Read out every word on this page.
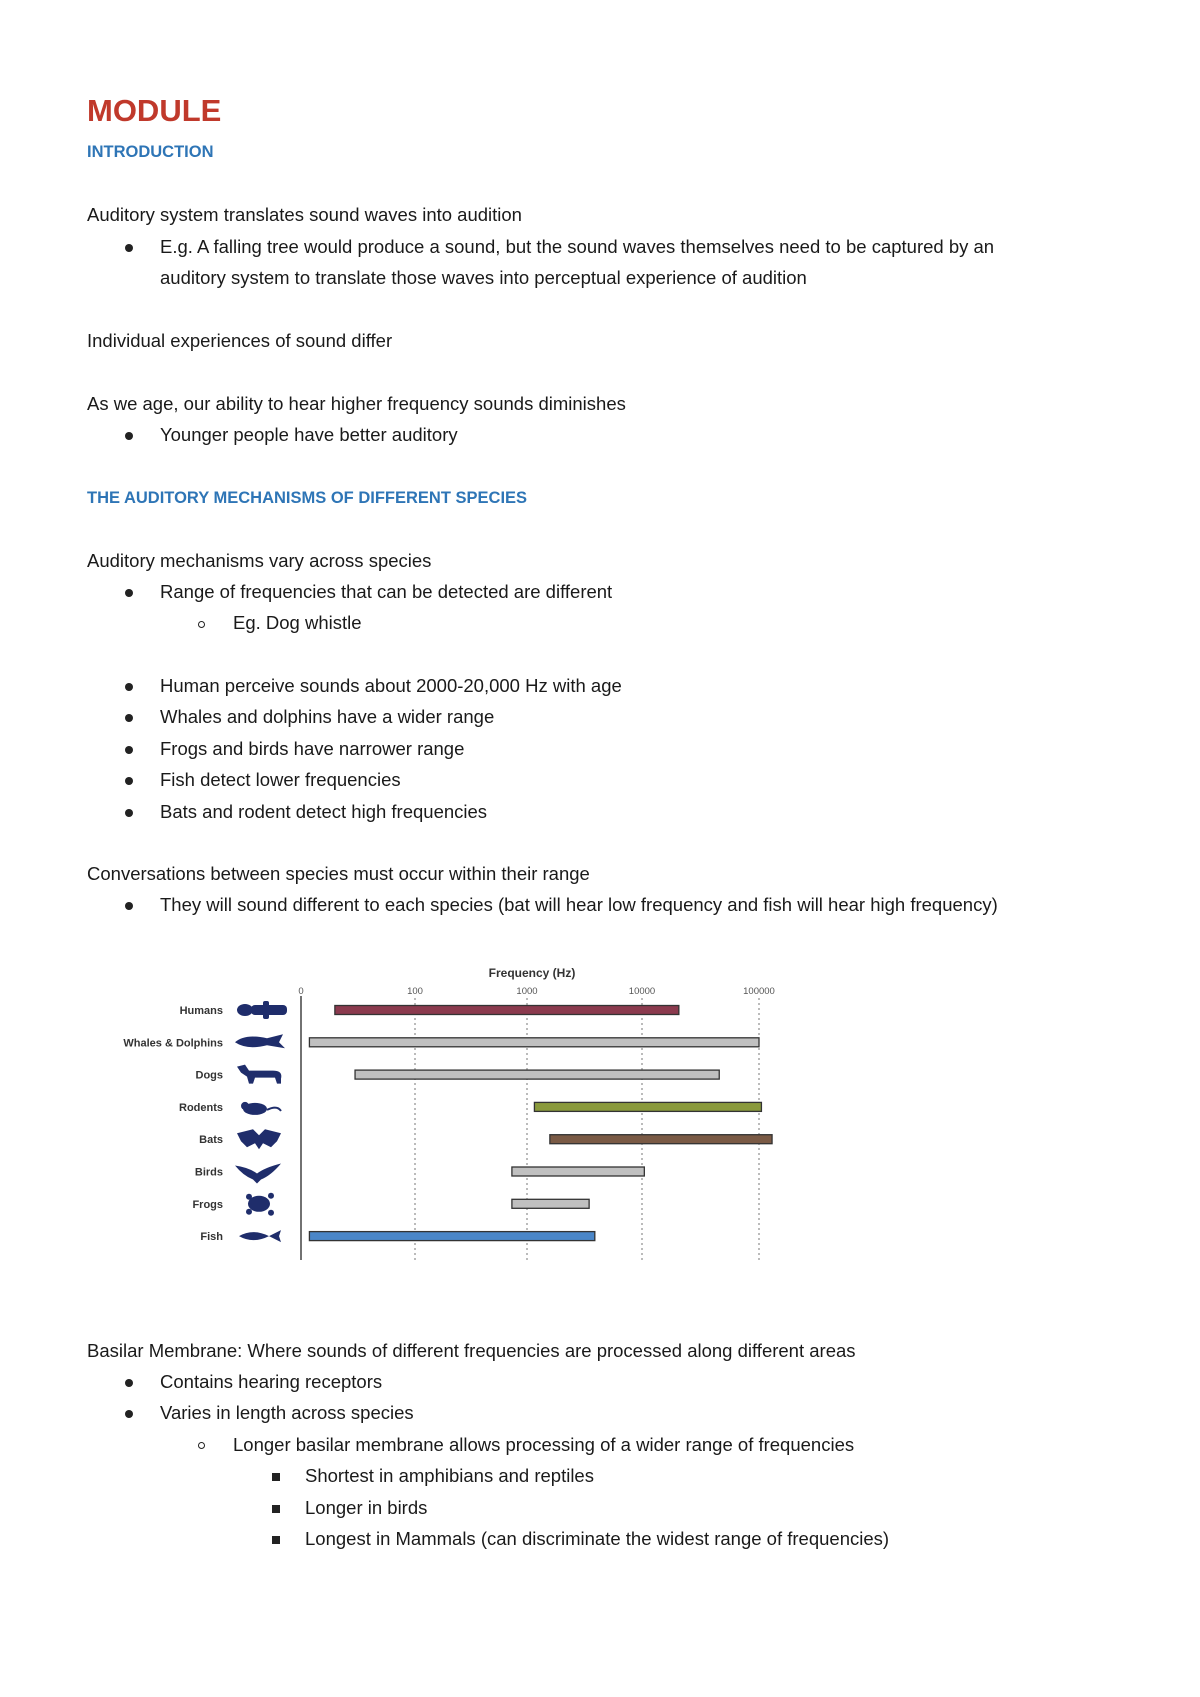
MODULE
INTRODUCTION
Auditory system translates sound waves into audition
E.g. A falling tree would produce a sound, but the sound waves themselves need to be captured by an
auditory system to translate those waves into perceptual experience of audition
Individual experiences of sound differ
As we age, our ability to hear higher frequency sounds diminishes
Younger people have better auditory
THE AUDITORY MECHANISMS OF DIFFERENT SPECIES
Auditory mechanisms vary across species
Range of frequencies that can be detected are different
Eg. Dog whistle
Human perceive sounds about 2000-20,000 Hz with age
Whales and dolphins have a wider range
Frogs and birds have narrower range
Fish detect lower frequencies
Bats and rodent detect high frequencies
Conversations between species must occur within their range
They will sound different to each species (bat will hear low frequency and fish will hear high frequency)
Frequency (Hz)
0	100	1000	10000	100000
Humans
Whales & Dolphins
Dogs
Rodents
Bats
Birds
Frogs
Fish
Basilar Membrane: Where sounds of different frequencies are processed along different areas
Contains hearing receptors
Varies in length across species
Longer basilar membrane allows processing of a wider range of frequencies
Shortest in amphibians and reptiles
Longer in birds
Longest in Mammals (can discriminate the widest range of frequencies)
